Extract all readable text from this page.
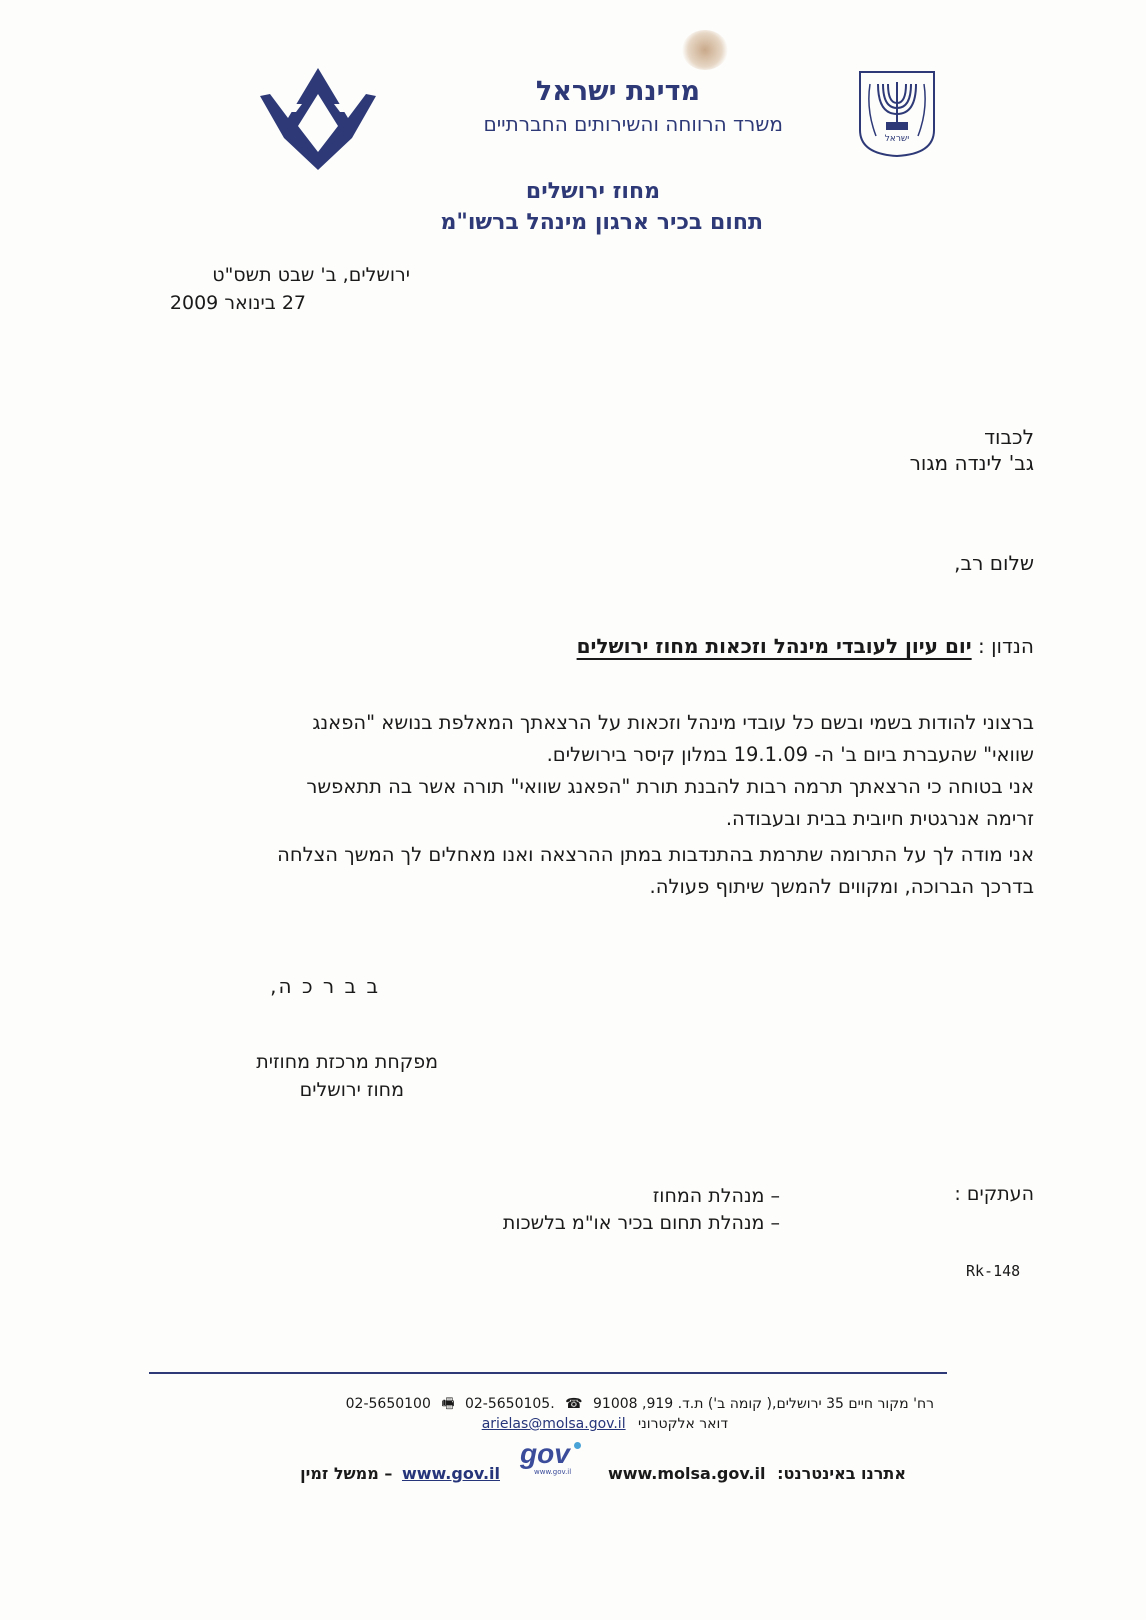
מדינת ישראל
משרד הרווחה והשירותים החברתיים
מחוז ירושלים
תחום בכיר ארגון מינהל ברשו"מ
ישראל
ירושלים, ב' שבט תשס"ט
27 בינואר 2009
לכבוד
גב' לינדה מגור
שלום רב,
הנדון : יום עיון לעובדי מינהל וזכאות מחוז ירושלים
ברצוני להודות בשמי ובשם כל עובדי מינהל וזכאות על הרצאתך המאלפת בנושא "הפאנג
שוואי" שהעברת ביום ב' ה- 19.1.09 במלון קיסר בירושלים.
אני בטוחה כי הרצאתך תרמה רבות להבנת תורת "הפאנג שוואי" תורה אשר בה תתאפשר
זרימה אנרגטית חיובית בבית ובעבודה.
אני מודה לך על התרומה שתרמת בהתנדבות במתן ההרצאה ואנו מאחלים לך המשך הצלחה
בדרכך הברוכה, ומקווים להמשך שיתוף פעולה.
ב ב ר כ ה,
מפקחת מרכזת מחוזית
מחוז ירושלים
העתקים :
– מנהלת המחוז
– מנהלת תחום בכיר או"מ בלשכות
Rk-148
רח' מקור חיים 35 ירושלים,( קומה ב') ת.ד. 919, 91008 ☎ 02-5650100 🖷 02-5650105.
דואר אלקטרוני arielas@molsa.gov.il
gov
www.gov.il	אתרנו באינטרנט: www.molsa.gov.il
www.gov.il – ממשל זמין
